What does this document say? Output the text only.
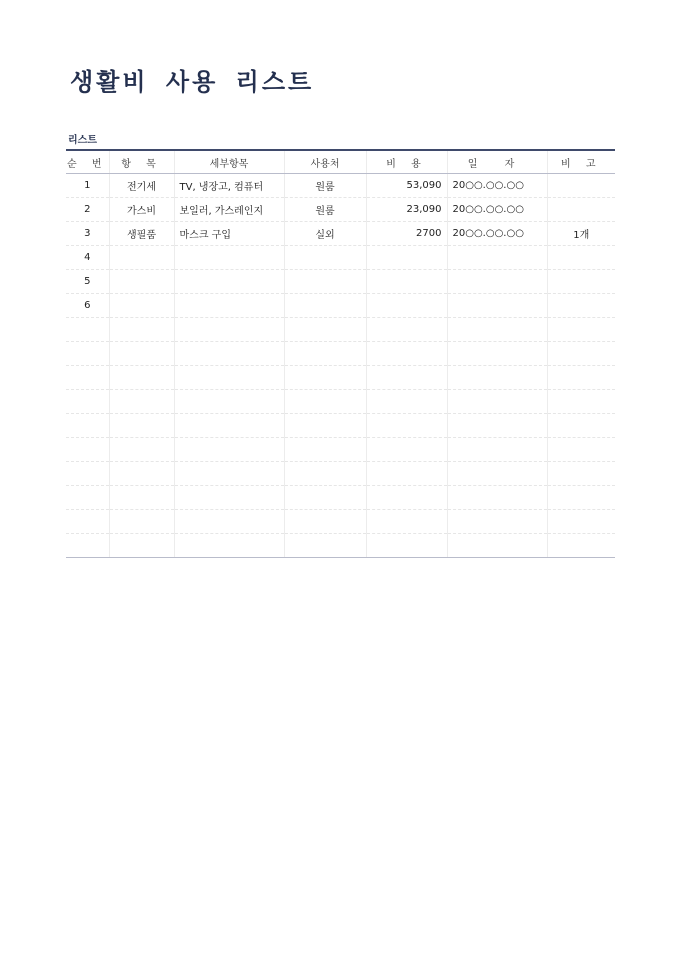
생활비 사용 리스트
리스트
순 번	항 목	세부항목	사용처	비 용	일 자	비 고
1	전기세	TV, 냉장고, 컴퓨터	원룸	53,090	20○○.○○.○○	
2	가스비	보일러, 가스레인지	원룸	23,090	20○○.○○.○○	
3	생필품	마스크 구입	실외	2700	20○○.○○.○○	1개
4						
5						
6						
